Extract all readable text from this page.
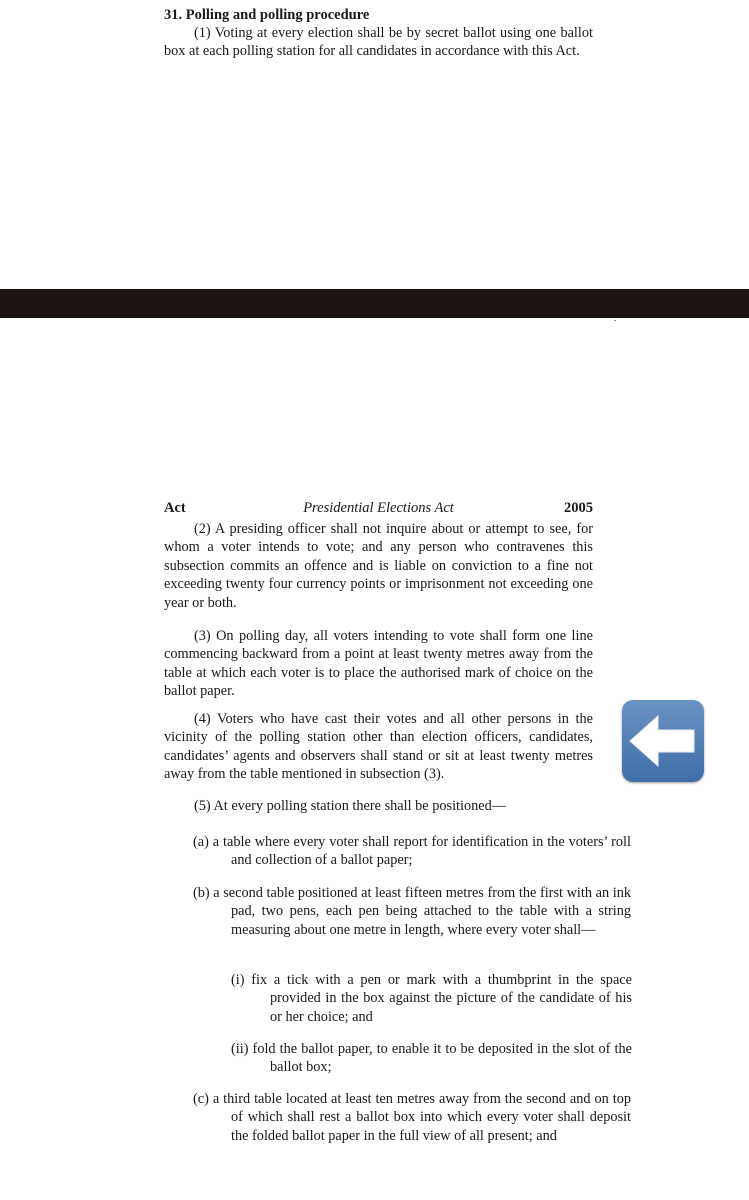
31. Polling and polling procedure
(1) Voting at every election shall be by secret ballot using one ballot box at each polling station for all candidates in accordance with this Act.
Act	Presidential Elections Act	2005
(2) A presiding officer shall not inquire about or attempt to see, for whom a voter intends to vote; and any person who contravenes this subsection commits an offence and is liable on conviction to a fine not exceeding twenty four currency points or imprisonment not exceeding one year or both.
(3) On polling day, all voters intending to vote shall form one line commencing backward from a point at least twenty metres away from the table at which each voter is to place the authorised mark of choice on the ballot paper.
(4) Voters who have cast their votes and all other persons in the vicinity of the polling station other than election officers, candidates, candidates’ agents and observers shall stand or sit at least twenty metres away from the table mentioned in subsection (3).
(5) At every polling station there shall be positioned—
(a) a table where every voter shall report for identification in the voters’ roll and collection of a ballot paper;
(b) a second table positioned at least fifteen metres from the first with an ink pad, two pens, each pen being attached to the table with a string measuring about one metre in length, where every voter shall—
(i) fix a tick with a pen or mark with a thumbprint in the space provided in the box against the picture of the candidate of his or her choice; and
(ii) fold the ballot paper, to enable it to be deposited in the slot of the ballot box;
(c) a third table located at least ten metres away from the second and on top of which shall rest a ballot box into which every voter shall deposit the folded ballot paper in the full view of all present; and
